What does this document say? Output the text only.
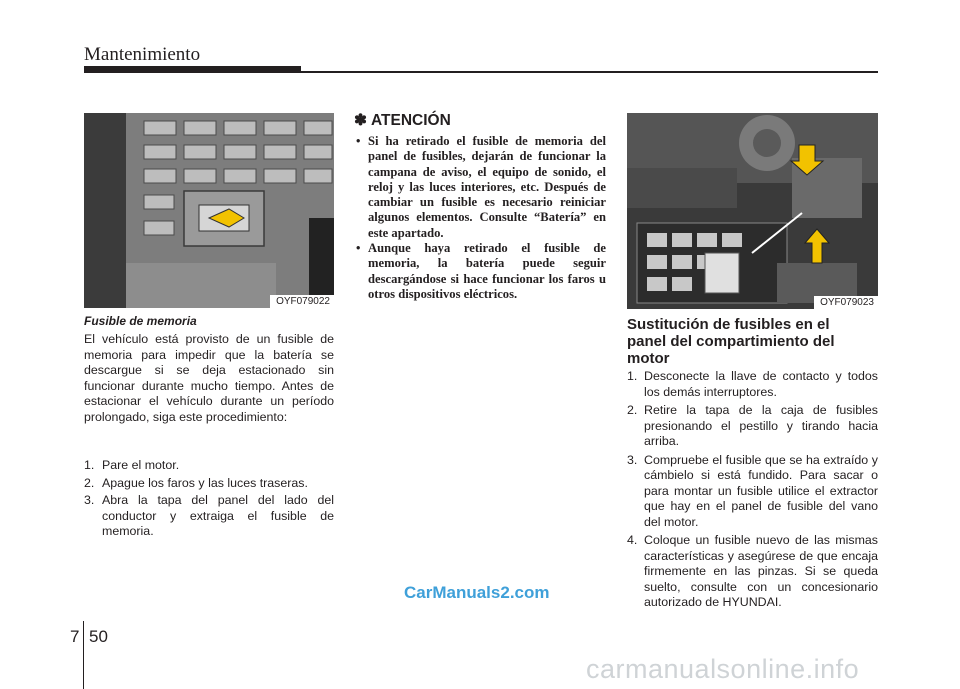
Mantenimiento
OYF079022
Fusible de memoria
El vehículo está provisto de un fusible de memoria para impedir que la batería se descargue si se deja estacionado sin funcionar durante mucho tiempo. Antes de estacionar el vehículo durante un período prolongado, siga este procedimiento:
1. Pare el motor.
2. Apague los faros y las luces traseras.
3. Abra la tapa del panel del lado del conductor y extraiga el fusible de memoria.
✽ ATENCIÓN
• Si ha retirado el fusible de memoria del panel de fusibles, dejarán de funcionar la campana de aviso, el equipo de sonido, el reloj y las luces interiores, etc. Después de cambiar un fusible es necesario reiniciar algunos elementos. Consulte “Batería” en este apartado.
• Aunque haya retirado el fusible de memoria, la batería puede seguir descargándose si hace funcionar los faros u otros dispositivos eléctricos.
OYF079023
Sustitución de fusibles en el panel del compartimiento del motor
1. Desconecte la llave de contacto y todos los demás interruptores.
2. Retire la tapa de la caja de fusibles presionando el pestillo y tirando hacia arriba.
3. Compruebe el fusible que se ha extraído y cámbielo si está fundido. Para sacar o para montar un fusible utilice el extractor que hay en el panel de fusible del vano del motor.
4. Coloque un fusible nuevo de las mismas características y asegúrese de que encaja firmemente en las pinzas. Si se queda suelto, consulte con un concesionario autorizado de HYUNDAI.
CarManuals2.com
7 50
carmanualsonline.info
